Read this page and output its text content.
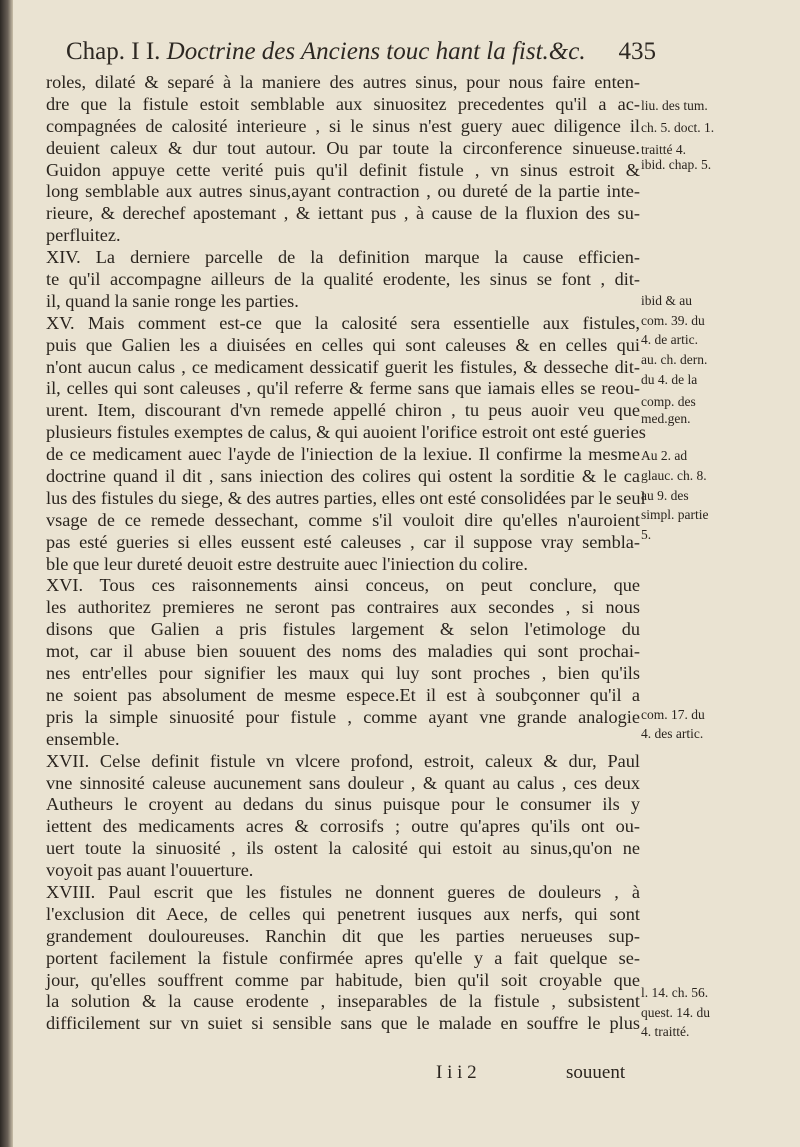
Chap. I I. Doctrine des Anciens touc hant la fist.&c. 435
roles, dilaté & separé à la maniere des autres sinus, pour nous faire enten-
dre que la fistule estoit semblable aux sinuositez precedentes qu'il a ac-
compagnées de calosité interieure , si le sinus n'est guery auec diligence il
deuient caleux & dur tout autour. Ou par toute la circonference sinueuse.
Guidon appuye cette verité puis qu'il definit fistule , vn sinus estroit &
long semblable aux autres sinus,ayant contraction , ou dureté de la partie inte-
rieure, & derechef apostemant , & iettant pus , à cause de la fluxion des su-
perfluitez.
XIV. La derniere parcelle de la definition marque la cause efficien-
te qu'il accompagne ailleurs de la qualité erodente, les sinus se font , dit-
il, quand la sanie ronge les parties.
XV. Mais comment est-ce que la calosité sera essentielle aux fistules,
puis que Galien les a diuisées en celles qui sont caleuses & en celles qui
n'ont aucun calus , ce medicament dessicatif guerit les fistules, & desseche dit-
il, celles qui sont caleuses , qu'il referre & ferme sans que iamais elles se reou-
urent. Item, discourant d'vn remede appellé chiron , tu peus auoir veu que
plusieurs fistules exemptes de calus, & qui auoient l'orifice estroit ont esté gueries
de ce medicament auec l'ayde de l'iniection de la lexiue. Il confirme la mesme
doctrine quand il dit , sans iniection des colires qui ostent la sorditie & le ca
lus des fistules du siege, & des autres parties, elles ont esté consolidées par le seul
vsage de ce remede dessechant, comme s'il vouloit dire qu'elles n'auroient
pas esté gueries si elles eussent esté caleuses , car il suppose vray sembla-
ble que leur dureté deuoit estre destruite auec l'iniection du colire.
XVI. Tous ces raisonnements ainsi conceus, on peut conclure, que
les authoritez premieres ne seront pas contraires aux secondes , si nous
disons que Galien a pris fistules largement & selon l'etimologe du
mot, car il abuse bien souuent des noms des maladies qui sont prochai-
nes entr'elles pour signifier les maux qui luy sont proches , bien qu'ils
ne soient pas absolument de mesme espece.Et il est à soubçonner qu'il a
pris la simple sinuosité pour fistule , comme ayant vne grande analogie
ensemble.
XVII. Celse definit fistule vn vlcere profond, estroit, caleux & dur, Paul
vne sinnosité caleuse aucunement sans douleur , & quant au calus , ces deux
Autheurs le croyent au dedans du sinus puisque pour le consumer ils y
iettent des medicaments acres & corrosifs ; outre qu'apres qu'ils ont ou-
uert toute la sinuosité , ils ostent la calosité qui estoit au sinus,qu'on ne
voyoit pas auant l'ouuerture.
XVIII. Paul escrit que les fistules ne donnent gueres de douleurs , à
l'exclusion dit Aece, de celles qui penetrent iusques aux nerfs, qui sont
grandement douloureuses. Ranchin dit que les parties nerueuses sup-
portent facilement la fistule confirmée apres qu'elle y a fait quelque se-
jour, qu'elles souffrent comme par habitude, bien qu'il soit croyable que
la solution & la cause erodente , inseparables de la fistule , subsistent
difficilement sur vn suiet si sensible sans que le malade en souffre le plus
liu. des tum.
ch. 5. doct. 1.
traitté 4.
ibid. chap. 5.
ibid & au
com. 39. du
4. de artic.
au. ch. dern.
du 4. de la
comp. des
med.gen.
Au 2. ad
glauc. ch. 8.
au 9. des
simpl. partie
5.
com. 17. du
4. des artic.
l. 14. ch. 56.
quest. 14. du
4. traitté.
I i i 2	souuent
